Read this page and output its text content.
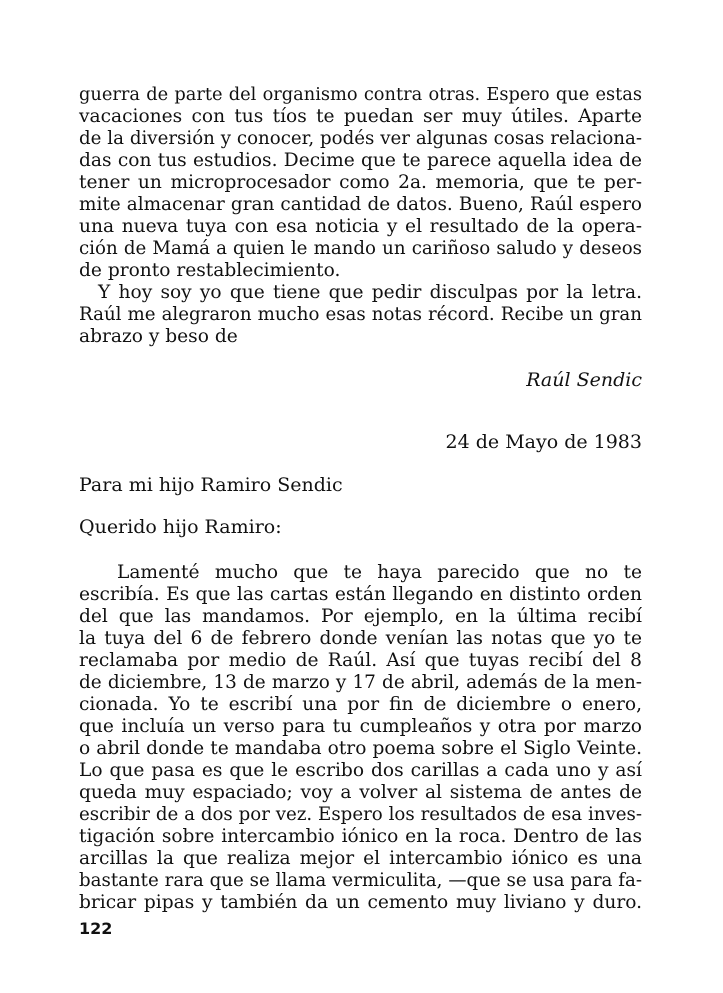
guerra de parte del organismo contra otras. Espero que estas
vacaciones con tus tíos te puedan ser muy útiles. Aparte
de la diversión y conocer, podés ver algunas cosas relaciona-
das con tus estudios. Decime que te parece aquella idea de
tener un microprocesador como 2a. memoria, que te per-
mite almacenar gran cantidad de datos. Bueno, Raúl espero
una nueva tuya con esa noticia y el resultado de la opera-
ción de Mamá a quien le mando un cariñoso saludo y deseos
de pronto restablecimiento.
Y hoy soy yo que tiene que pedir disculpas por la letra.
Raúl me alegraron mucho esas notas récord. Recibe un gran
abrazo y beso de
Raúl Sendic
24 de Mayo de 1983
Para mi hijo Ramiro Sendic
Querido hijo Ramiro:
Lamenté mucho que te haya parecido que no te
escribía. Es que las cartas están llegando en distinto orden
del que las mandamos. Por ejemplo, en la última recibí
la tuya del 6 de febrero donde venían las notas que yo te
reclamaba por medio de Raúl. Así que tuyas recibí del 8
de diciembre, 13 de marzo y 17 de abril, además de la men-
cionada. Yo te escribí una por fin de diciembre o enero,
que incluía un verso para tu cumpleaños y otra por marzo
o abril donde te mandaba otro poema sobre el Siglo Veinte.
Lo que pasa es que le escribo dos carillas a cada uno y así
queda muy espaciado; voy a volver al sistema de antes de
escribir de a dos por vez. Espero los resultados de esa inves-
tigación sobre intercambio iónico en la roca. Dentro de las
arcillas la que realiza mejor el intercambio iónico es una
bastante rara que se llama vermiculita, —que se usa para fa-
bricar pipas y también da un cemento muy liviano y duro.
122
